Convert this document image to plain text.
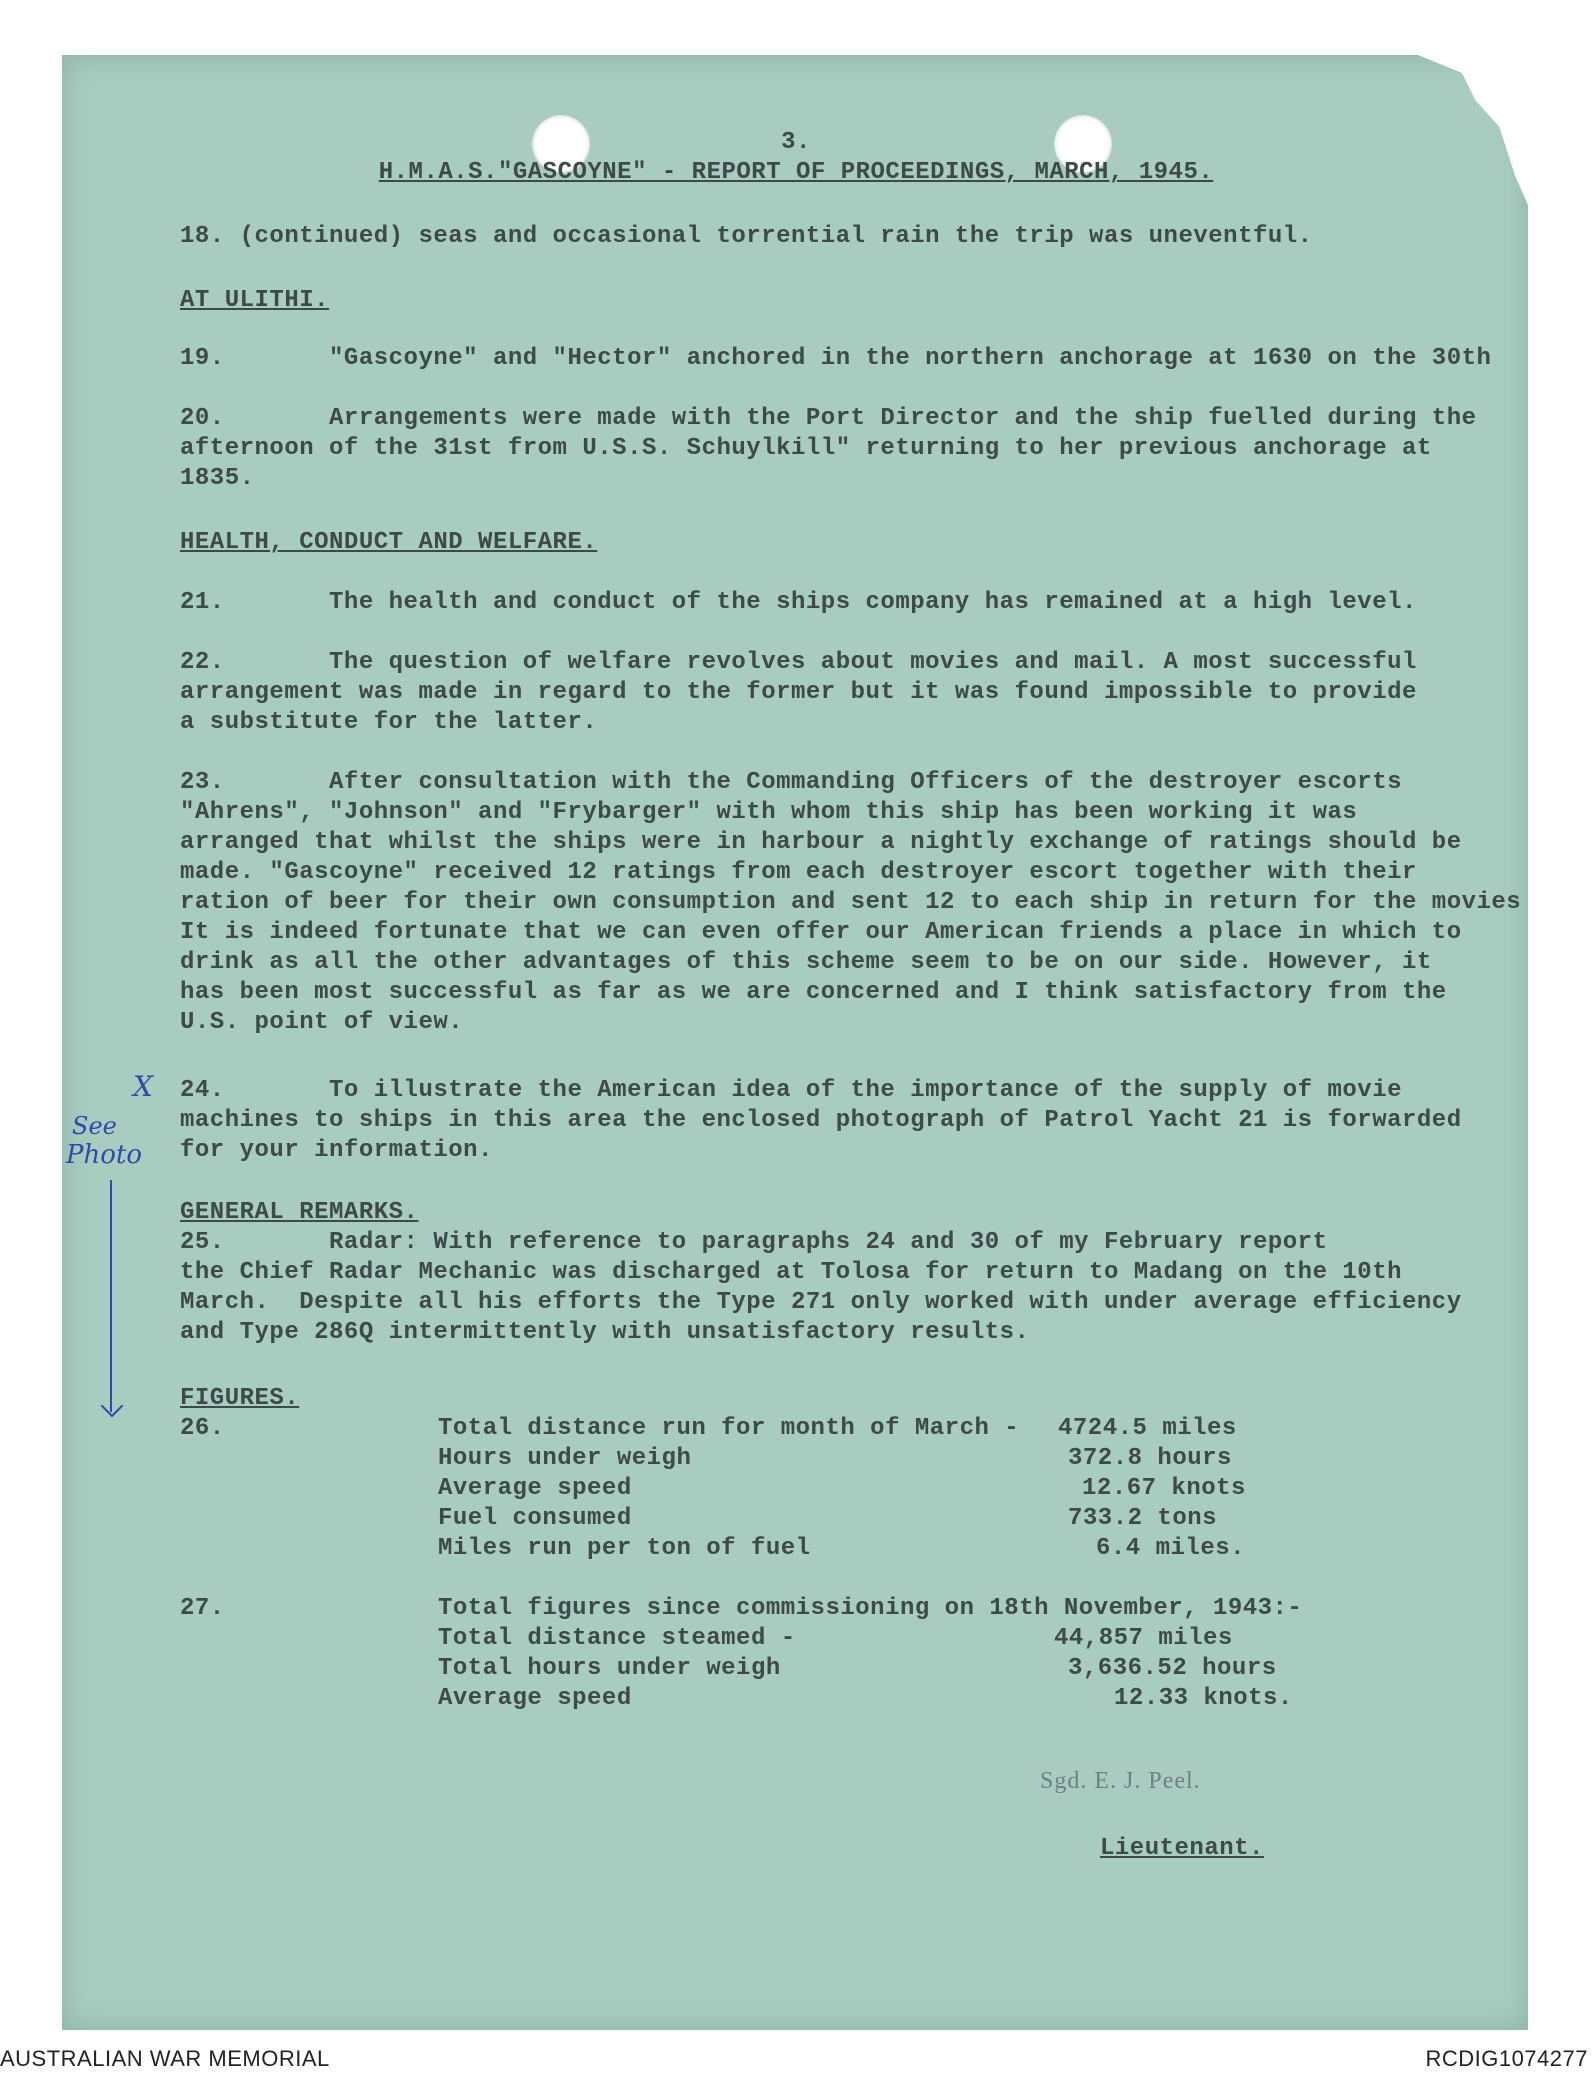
3.
H.M.A.S."GASCOYNE" - REPORT OF PROCEEDINGS, MARCH, 1945.
18. (continued) seas and occasional torrential rain the trip was uneventful.
AT ULITHI.
19.       "Gascoyne" and "Hector" anchored in the northern anchorage at 1630 on the 30th
20.       Arrangements were made with the Port Director and the ship fuelled during the
afternoon of the 31st from U.S.S. Schuylkill" returning to her previous anchorage at
1835.
HEALTH, CONDUCT AND WELFARE.
21.       The health and conduct of the ships company has remained at a high level.
22.       The question of welfare revolves about movies and mail. A most successful
arrangement was made in regard to the former but it was found impossible to provide
a substitute for the latter.
23.       After consultation with the Commanding Officers of the destroyer escorts
"Ahrens", "Johnson" and "Frybarger" with whom this ship has been working it was
arranged that whilst the ships were in harbour a nightly exchange of ratings should be
made. "Gascoyne" received 12 ratings from each destroyer escort together with their
ration of beer for their own consumption and sent 12 to each ship in return for the movies
It is indeed fortunate that we can even offer our American friends a place in which to
drink as all the other advantages of this scheme seem to be on our side. However, it
has been most successful as far as we are concerned and I think satisfactory from the
U.S. point of view.
24.       To illustrate the American idea of the importance of the supply of movie
machines to ships in this area the enclosed photograph of Patrol Yacht 21 is forwarded
for your information.
GENERAL REMARKS.
25.       Radar: With reference to paragraphs 24 and 30 of my February report
the Chief Radar Mechanic was discharged at Tolosa for return to Madang on the 10th
March.  Despite all his efforts the Type 271 only worked with under average efficiency
and Type 286Q intermittently with unsatisfactory results.
FIGURES.
26.	Total distance run for month of March - 4724.5 miles
Hours under weigh	372.8 hours
Average speed	12.67 knots
Fuel consumed	733.2 tons
Miles run per ton of fuel	6.4 miles.
27.	Total figures since commissioning on 18th November, 1943:-
Total distance steamed -	44,857 miles
Total hours under weigh	3,636.52 hours
Average speed	12.33 knots.
Sgd. E. J. Peel.
Lieutenant.
X
See
Photo
AUSTRALIAN WAR MEMORIAL	RCDIG1074277
